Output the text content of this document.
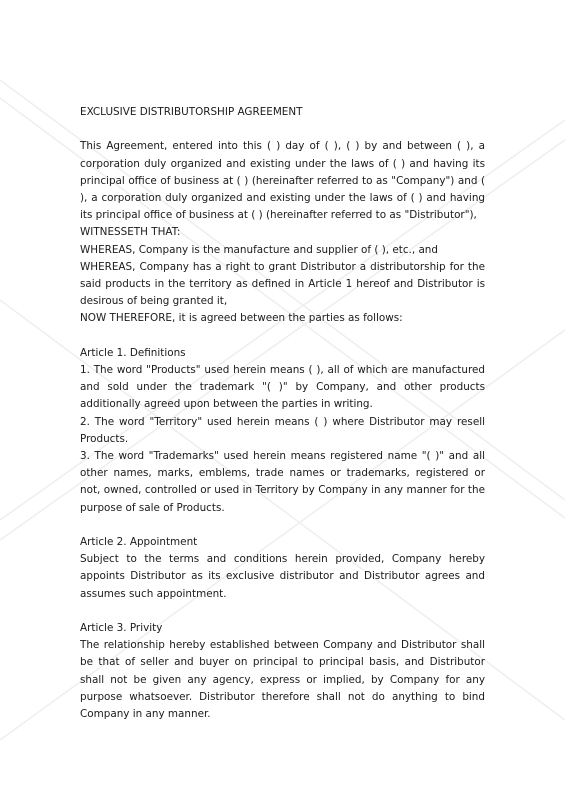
EXCLUSIVE DISTRIBUTORSHIP AGREEMENT

This Agreement, entered into this ( ) day of ( ), ( ) by and between ( ), a corporation duly organized and existing under the laws of ( ) and having its principal office of business at ( ) (hereinafter referred to as "Company") and ( ), a corporation duly organized and existing under the laws of ( ) and having its principal office of business at ( ) (hereinafter referred to as "Distributor"),

WITNESSETH THAT:

WHEREAS, Company is the manufacture and supplier of ( ), etc., and

WHEREAS, Company has a right to grant Distributor a distributorship for the said products in the territory as defined in Article 1 hereof and Distributor is desirous of being granted it,

NOW THEREFORE, it is agreed between the parties as follows:

Article 1. Definitions

1. The word "Products" used herein means ( ), all of which are manufactured and sold under the trademark "( )" by Company, and other products additionally agreed upon between the parties in writing.

2. The word "Territory" used herein means ( ) where Distributor may resell Products.

3. The word "Trademarks" used herein means registered name "( )" and all other names, marks, emblems, trade names or trademarks, registered or not, owned, controlled or used in Territory by Company in any manner for the purpose of sale of Products.

Article 2. Appointment

Subject to the terms and conditions herein provided, Company hereby appoints Distributor as its exclusive distributor and Distributor agrees and assumes such appointment.

Article 3. Privity

The relationship hereby established between Company and Distributor shall be that of seller and buyer on principal to principal basis, and Distributor shall not be given any agency, express or implied, by Company for any purpose whatsoever. Distributor therefore shall not do anything to bind Company in any manner.
